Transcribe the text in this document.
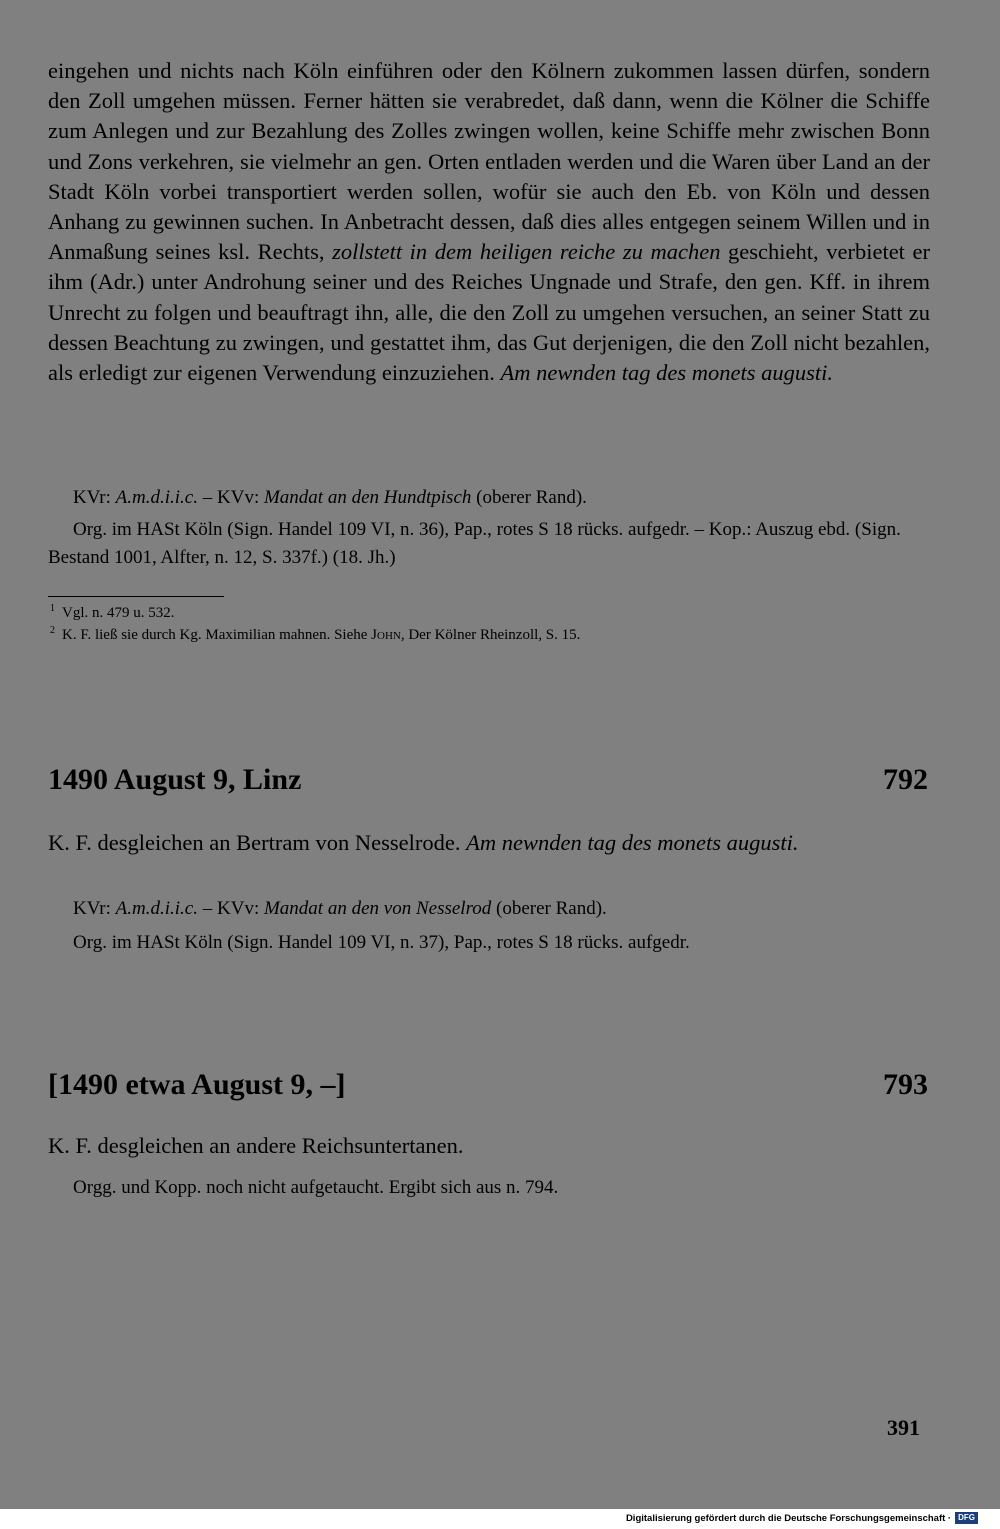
eingehen und nichts nach Köln einführen oder den Kölnern zukommen lassen dürfen, sondern den Zoll umgehen müssen. Ferner hätten sie verabredet, daß dann, wenn die Kölner die Schiffe zum Anlegen und zur Bezahlung des Zolles zwingen wollen, keine Schiffe mehr zwischen Bonn und Zons verkehren, sie vielmehr an gen. Orten entladen werden und die Waren über Land an der Stadt Köln vorbei transportiert werden sollen, wofür sie auch den Eb. von Köln und dessen Anhang zu gewinnen suchen. In Anbetracht dessen, daß dies alles entgegen seinem Willen und in Anmaßung seines ksl. Rechts, zollstett in dem heiligen reiche zu machen geschieht, verbietet er ihm (Adr.) unter Androhung seiner und des Reiches Ungnade und Strafe, den gen. Kff. in ihrem Unrecht zu folgen und beauftragt ihn, alle, die den Zoll zu umgehen versuchen, an seiner Statt zu dessen Beachtung zu zwingen, und gestattet ihm, das Gut derjenigen, die den Zoll nicht bezahlen, als erledigt zur eigenen Verwendung einzuziehen. Am newnden tag des monets augusti.

KVr: A.m.d.i.i.c. – KVv: Mandat an den Hundtpisch (oberer Rand).

Org. im HASt Köln (Sign. Handel 109 VI, n. 36), Pap., rotes S 18 rücks. aufgedr. – Kop.: Auszug ebd. (Sign. Bestand 1001, Alfter, n. 12, S. 337f.) (18. Jh.)

1 Vgl. n. 479 u. 532.
2 K. F. ließ sie durch Kg. Maximilian mahnen. Siehe John, Der Kölner Rheinzoll, S. 15.
1490 August 9, Linz	792
K. F. desgleichen an Bertram von Nesselrode. Am newnden tag des monets augusti.

KVr: A.m.d.i.i.c. – KVv: Mandat an den von Nesselrod (oberer Rand).

Org. im HASt Köln (Sign. Handel 109 VI, n. 37), Pap., rotes S 18 rücks. aufgedr.

[1490 etwa August 9, –]	793
K. F. desgleichen an andere Reichsuntertanen.

Orgg. und Kopp. noch nicht aufgetaucht. Ergibt sich aus n. 794.

391
Digitalisierung gefördert durch die Deutsche Forschungsgemeinschaft · DFG
